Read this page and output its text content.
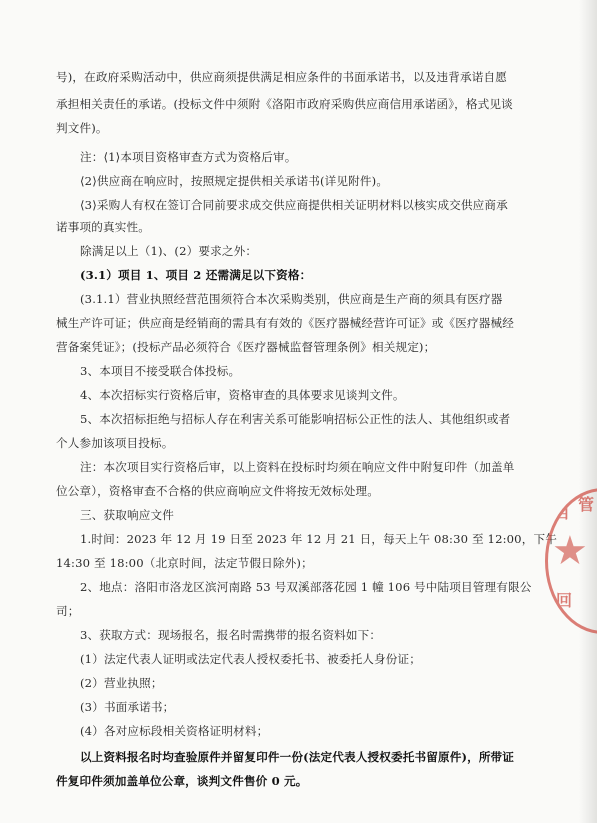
号)，在政府采购活动中，供应商须提供满足相应条件的书面承诺书，以及违背承诺自愿
承担相关责任的承诺。(投标文件中须附《洛阳市政府采购供应商信用承诺函》，格式见谈
判文件)。
注：⟨1⟩本项目资格审查方式为资格后审。
⟨2⟩供应商在响应时，按照规定提供相关承诺书(详见附件)。
⟨3⟩采购人有权在签订合同前要求成交供应商提供相关证明材料以核实成交供应商承
诺事项的真实性。
除满足以上（1)、(2）要求之外：
(3.1）项目 1、项目 2 还需满足以下资格：
(3.1.1）营业执照经营范围须符合本次采购类别，供应商是生产商的须具有医疗器
械生产许可证；供应商是经销商的需具有有效的《医疗器械经营许可证》或《医疗器械经
营备案凭证》；(投标产品必须符合《医疗器械监督管理条例》相关规定)；
3、本项目不接受联合体投标。
4、本次招标实行资格后审，资格审查的具体要求见谈判文件。
5、本次招标拒绝与招标人存在利害关系可能影响招标公正性的法人、其他组织或者
个人参加该项目投标。
注：本次项目实行资格后审，以上资料在投标时均须在响应文件中附复印件（加盖单
位公章），资格审查不合格的供应商响应文件将按无效标处理。
三、获取响应文件
1.时间：2023 年 12 月 19 日至 2023 年 12 月 21 日，每天上午 08:30 至 12:00，下午
14:30 至 18:00（北京时间，法定节假日除外)；
2、地点：洛阳市洛龙区滨河南路 53 号双溪部落花园 1 幢 106 号中陆项目管理有限公
司；
3、获取方式：现场报名，报名时需携带的报名资料如下：
(1）法定代表人证明或法定代表人授权委托书、被委托人身份证；
(2）营业执照；
(3）书面承诺书；
(4）各对应标段相关资格证明材料；
以上资料报名时均查验原件并留复印件一份(法定代表人授权委托书留原件)，所带证
件复印件须加盖单位公章，谈判文件售价 0 元。
目 管
★
回
